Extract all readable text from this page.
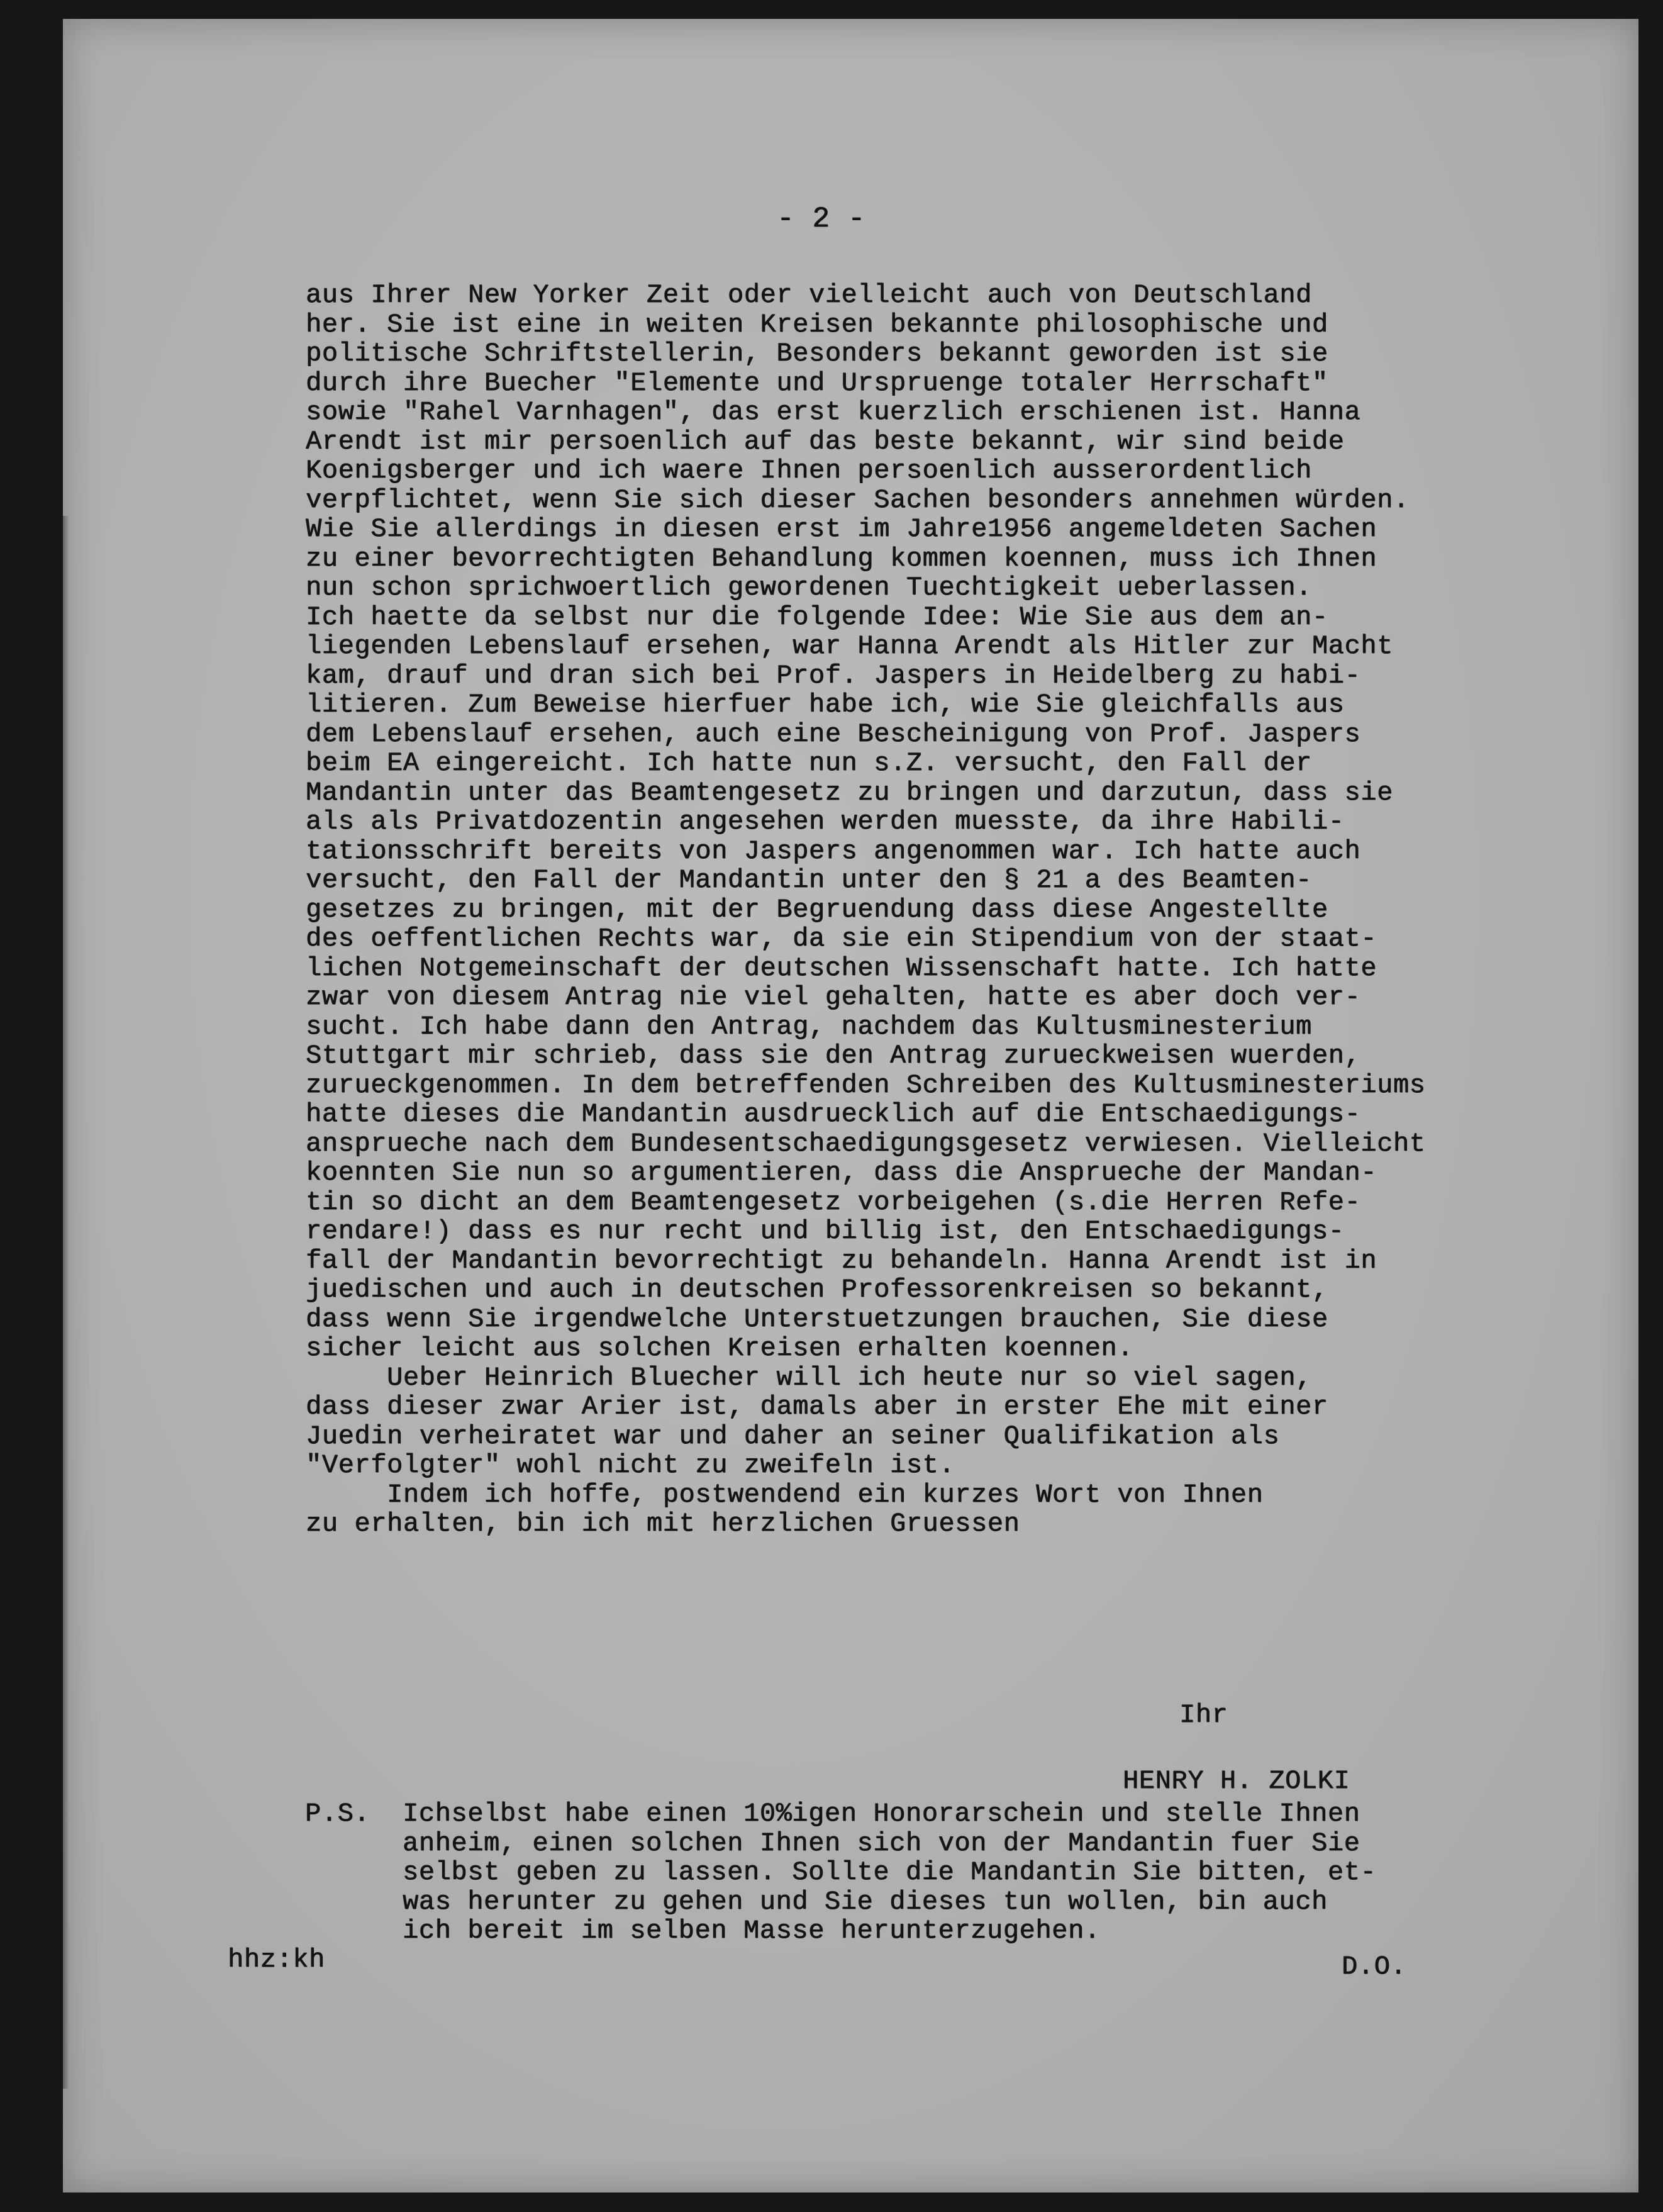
- 2 -

aus Ihrer New Yorker Zeit oder vielleicht auch von Deutschland
her. Sie ist eine in weiten Kreisen bekannte philosophische und
politische Schriftstellerin, Besonders bekannt geworden ist sie
durch ihre Buecher "Elemente und Urspruenge totaler Herrschaft"
sowie "Rahel Varnhagen", das erst kuerzlich erschienen ist. Hanna
Arendt ist mir persoenlich auf das beste bekannt, wir sind beide
Koenigsberger und ich waere Ihnen persoenlich ausserordentlich
verpflichtet, wenn Sie sich dieser Sachen besonders annehmen würden.
Wie Sie allerdings in diesen erst im Jahre1956 angemeldeten Sachen
zu einer bevorrechtigten Behandlung kommen koennen, muss ich Ihnen
nun schon sprichwoertlich gewordenen Tuechtigkeit ueberlassen.
Ich haette da selbst nur die folgende Idee: Wie Sie aus dem an-
liegenden Lebenslauf ersehen, war Hanna Arendt als Hitler zur Macht
kam, drauf und dran sich bei Prof. Jaspers in Heidelberg zu habi-
litieren. Zum Beweise hierfuer habe ich, wie Sie gleichfalls aus
dem Lebenslauf ersehen, auch eine Bescheinigung von Prof. Jaspers
beim EA eingereicht. Ich hatte nun s.Z. versucht, den Fall der
Mandantin unter das Beamtengesetz zu bringen und darzutun, dass sie
als als Privatdozentin angesehen werden muesste, da ihre Habili-
tationsschrift bereits von Jaspers angenommen war. Ich hatte auch
versucht, den Fall der Mandantin unter den § 21 a des Beamten-
gesetzes zu bringen, mit der Begruendung dass diese Angestellte
des oeffentlichen Rechts war, da sie ein Stipendium von der staat-
lichen Notgemeinschaft der deutschen Wissenschaft hatte. Ich hatte
zwar von diesem Antrag nie viel gehalten, hatte es aber doch ver-
sucht. Ich habe dann den Antrag, nachdem das Kultusminesterium
Stuttgart mir schrieb, dass sie den Antrag zurueckweisen wuerden,
zurueckgenommen. In dem betreffenden Schreiben des Kultusminesteriums
hatte dieses die Mandantin ausdruecklich auf die Entschaedigungs-
ansprueche nach dem Bundesentschaedigungsgesetz verwiesen. Vielleicht
koennten Sie nun so argumentieren, dass die Ansprueche der Mandan-
tin so dicht an dem Beamtengesetz vorbeigehen (s.die Herren Refe-
rendare!) dass es nur recht und billig ist, den Entschaedigungs-
fall der Mandantin bevorrechtigt zu behandeln. Hanna Arendt ist in
juedischen und auch in deutschen Professorenkreisen so bekannt,
dass wenn Sie irgendwelche Unterstuetzungen brauchen, Sie diese
sicher leicht aus solchen Kreisen erhalten koennen.
Ueber Heinrich Bluecher will ich heute nur so viel sagen,
dass dieser zwar Arier ist, damals aber in erster Ehe mit einer
Juedin verheiratet war und daher an seiner Qualifikation als
"Verfolgter" wohl nicht zu zweifeln ist.
Indem ich hoffe, postwendend ein kurzes Wort von Ihnen
zu erhalten, bin ich mit herzlichen Gruessen

Ihr

HENRY H. ZOLKI

P.S. Ichselbst habe einen 10%igen Honorarschein und stelle Ihnen
anheim, einen solchen Ihnen sich von der Mandantin fuer Sie
selbst geben zu lassen. Sollte die Mandantin Sie bitten, et-
was herunter zu gehen und Sie dieses tun wollen, bin auch
ich bereit im selben Masse herunterzugehen.

hhz:kh	D.O.
